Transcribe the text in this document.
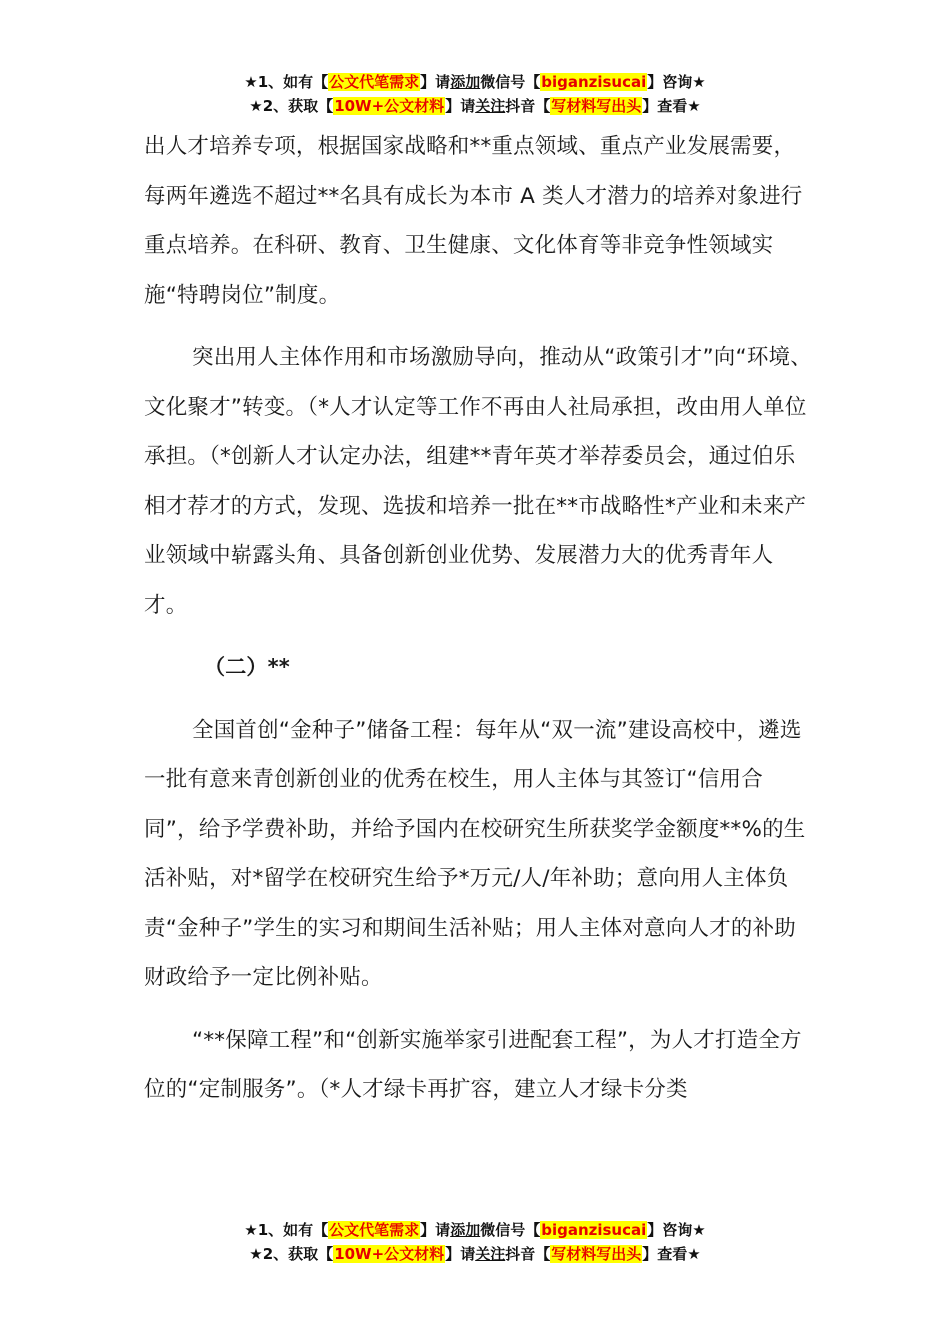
★1、如有【公文代笔需求】请添加微信号【biganzisucai】咨询★
★2、获取【10W+公文材料】请关注抖音【写材料写出头】查看★

出人才培养专项，根据国家战略和**重点领域、重点产业发展需要，每两年遴选不超过**名具有成长为本市 A 类人才潜力的培养对象进行重点培养。在科研、教育、卫生健康、文化体育等非竞争性领域实施“特聘岗位”制度。

突出用人主体作用和市场激励导向，推动从“政策引才”向“环境、文化聚才”转变。（*人才认定等工作不再由人社局承担，改由用人单位承担。（*创新人才认定办法，组建**青年英才举荐委员会，通过伯乐相才荐才的方式，发现、选拔和培养一批在**市战略性*产业和未来产业领域中崭露头角、具备创新创业优势、发展潜力大的优秀青年人才。

（二）**

全国首创“金种子”储备工程：每年从“双一流”建设高校中，遴选一批有意来青创新创业的优秀在校生，用人主体与其签订“信用合同”，给予学费补助，并给予国内在校研究生所获奖学金额度**%的生活补贴，对*留学在校研究生给予*万元/人/年补助；意向用人主体负责“金种子”学生的实习和期间生活补贴；用人主体对意向人才的补助财政给予一定比例补贴。

“**保障工程”和“创新实施举家引进配套工程”，为人才打造全方位的“定制服务”。（*人才绿卡再扩容，建立人才绿卡分类

★1、如有【公文代笔需求】请添加微信号【biganzisucai】咨询★
★2、获取【10W+公文材料】请关注抖音【写材料写出头】查看★
